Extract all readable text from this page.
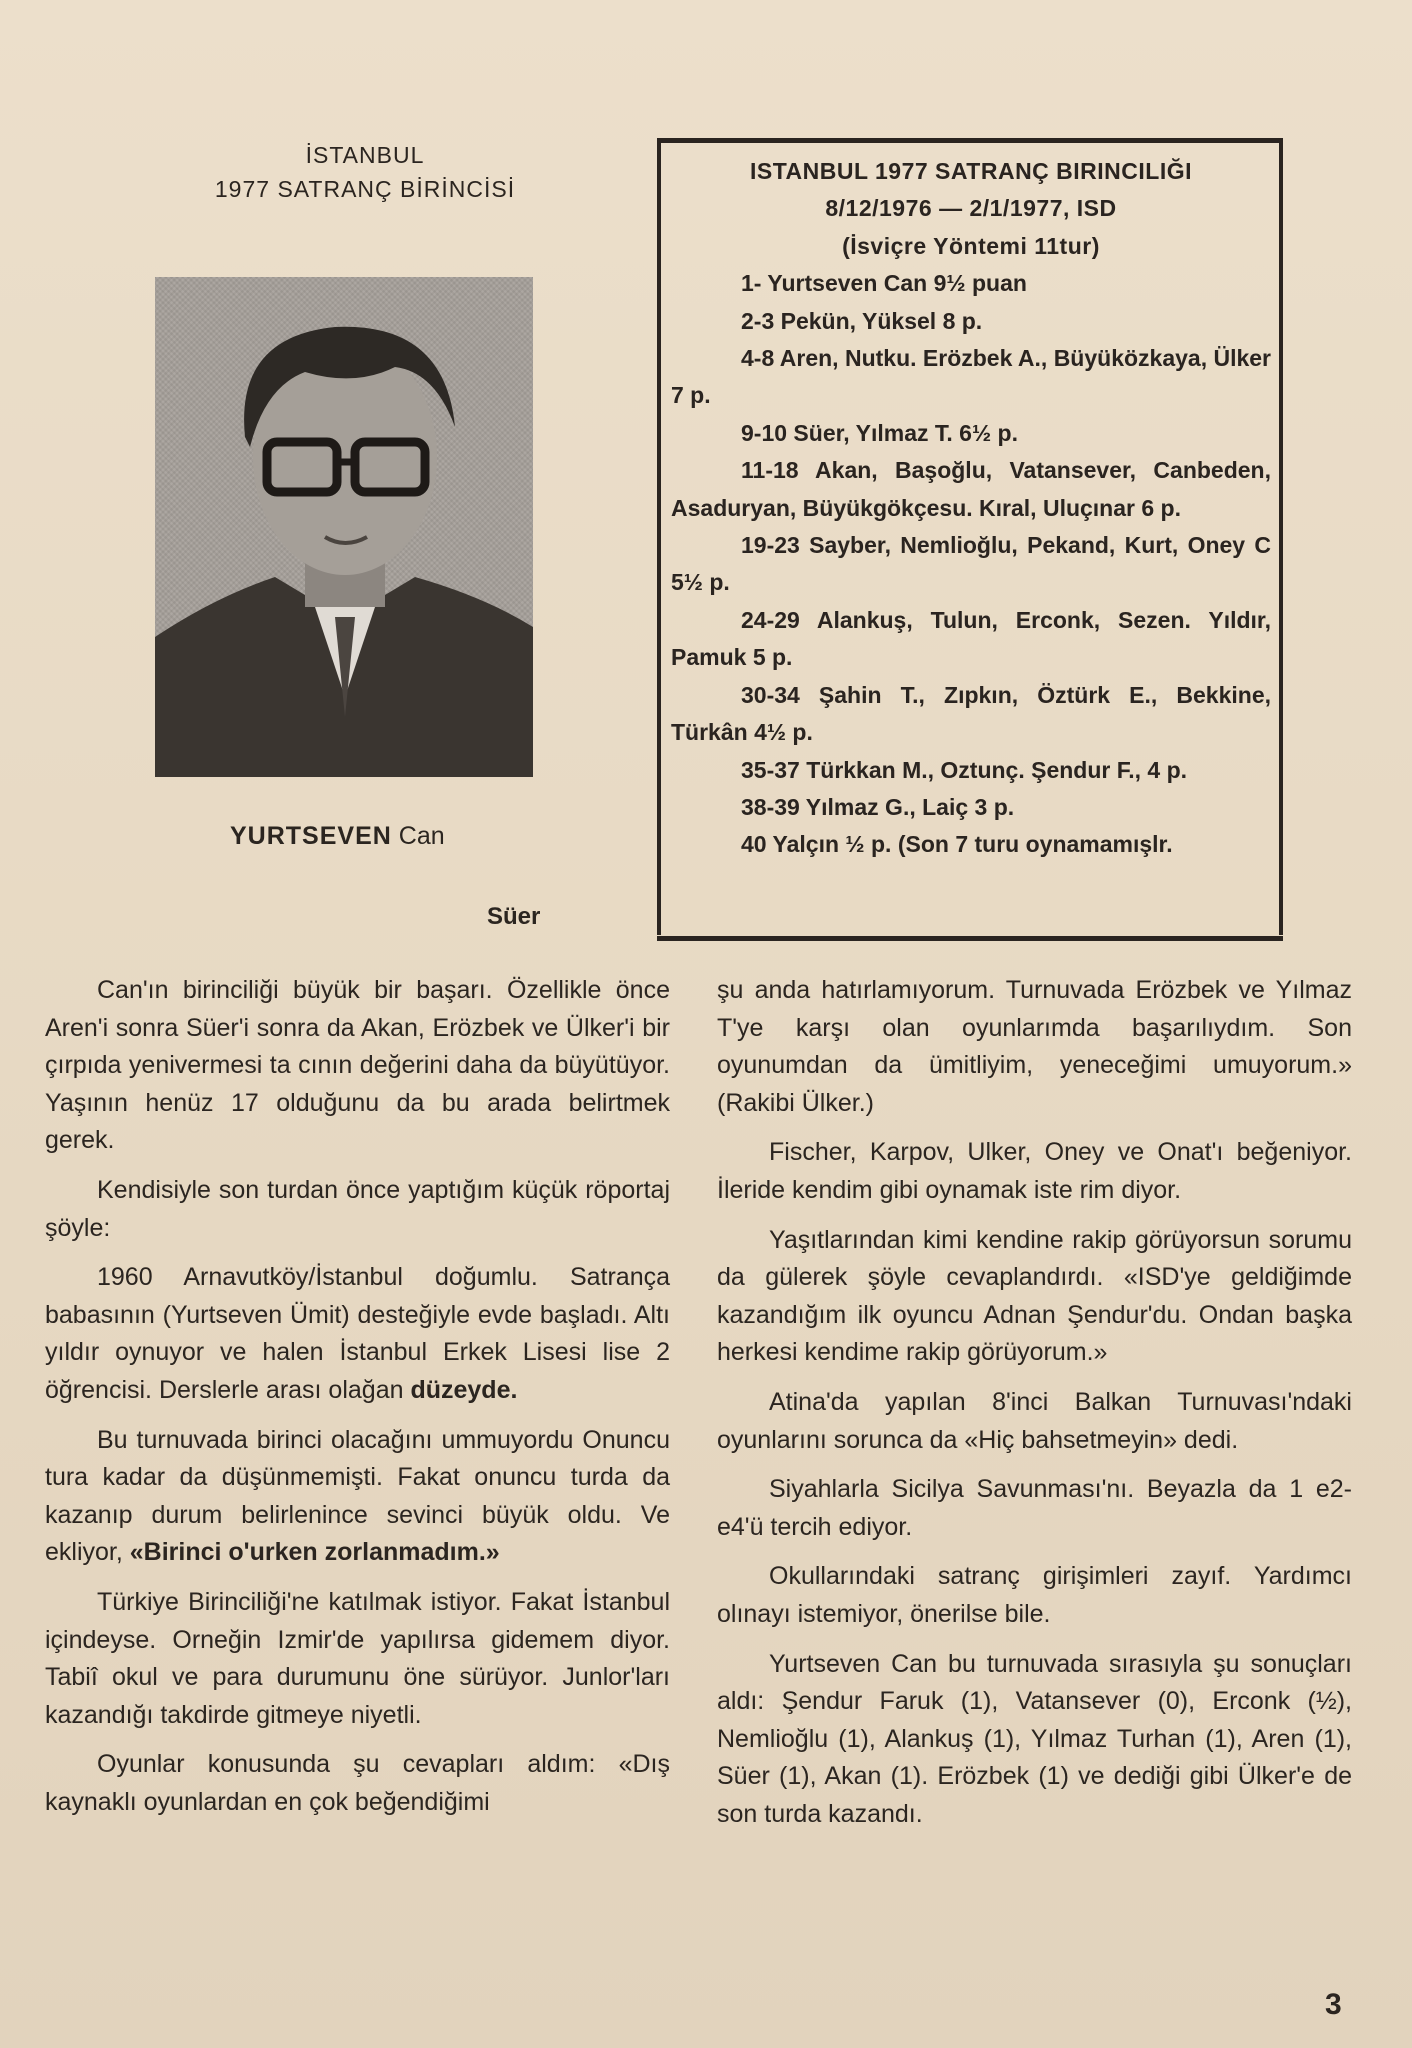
İSTANBUL
1977 SATRANÇ BİRİNCİSİ
YURTSEVEN Can
Süer
ISTANBUL 1977 SATRANÇ BIRINCILIĞI
8/12/1976 — 2/1/1977, ISD
(İsviçre Yöntemi 11tur)
1- Yurtseven Can 9½ puan
2-3 Pekün, Yüksel 8 p.
4-8 Aren, Nutku. Erözbek A., Büyüközkaya, Ülker 7 p.
9-10 Süer, Yılmaz T. 6½ p.
11-18 Akan, Başoğlu, Vatansever, Canbeden, Asaduryan, Büyükgökçesu. Kıral, Uluçınar 6 p.
19-23 Sayber, Nemlioğlu, Pekand, Kurt, Oney C 5½ p.
24-29 Alankuş, Tulun, Erconk, Sezen. Yıldır, Pamuk 5 p.
30-34 Şahin T., Zıpkın, Öztürk E., Bekkine, Türkân 4½ p.
35-37 Türkkan M., Oztunç. Şendur F., 4 p.
38-39 Yılmaz G., Laiç 3 p.
40 Yalçın ½ p. (Son 7 turu oynamamışlr.

Can'ın birinciliği büyük bir başarı. Özellikle önce Aren'i sonra Süer'i sonra da Akan, Erözbek ve Ülker'i bir çırpıda yenivermesi ta cının değerini daha da büyütüyor. Yaşının henüz 17 olduğunu da bu arada belirtmek gerek.

Kendisiyle son turdan önce yaptığım küçük röportaj şöyle:

1960 Arnavutköy/İstanbul doğumlu. Satrança babasının (Yurtseven Ümit) desteğiyle evde başladı. Altı yıldır oynuyor ve halen İstanbul Erkek Lisesi lise 2 öğrencisi. Derslerle arası olağan düzeyde.

Bu turnuvada birinci olacağını ummuyordu Onuncu tura kadar da düşünmemişti. Fakat onuncu turda da kazanıp durum belirlenince sevinci büyük oldu. Ve ekliyor, «Birinci o'urken zorlanmadım.»

Türkiye Birinciliği'ne katılmak istiyor. Fakat İstanbul içindeyse. Orneğin Izmir'de yapılırsa gidemem diyor. Tabiî okul ve para durumunu öne sürüyor. Junlor'ları kazandığı takdirde gitmeye niyetli.

Oyunlar konusunda şu cevapları aldım: «Dış kaynaklı oyunlardan en çok beğendiğimi

şu anda hatırlamıyorum. Turnuvada Erözbek ve Yılmaz T'ye karşı olan oyunlarımda başarılıydım. Son oyunumdan da ümitliyim, yeneceğimi umuyorum.» (Rakibi Ülker.)

Fischer, Karpov, Ulker, Oney ve Onat'ı beğeniyor. İleride kendim gibi oynamak iste rim diyor.

Yaşıtlarından kimi kendine rakip görüyorsun sorumu da gülerek şöyle cevaplandırdı. «ISD'ye geldiğimde kazandığım ilk oyuncu Adnan Şendur'du. Ondan başka herkesi kendime rakip görüyorum.»

Atina'da yapılan 8'inci Balkan Turnuvası'ndaki oyunlarını sorunca da «Hiç bahsetmeyin» dedi.

Siyahlarla Sicilya Savunması'nı. Beyazla da 1 e2-e4'ü tercih ediyor.

Okullarındaki satranç girişimleri zayıf. Yardımcı olınayı istemiyor, önerilse bile.

Yurtseven Can bu turnuvada sırasıyla şu sonuçları aldı: Şendur Faruk (1), Vatansever (0), Erconk (½), Nemlioğlu (1), Alankuş (1), Yılmaz Turhan (1), Aren (1), Süer (1), Akan (1). Erözbek (1) ve dediği gibi Ülker'e de son turda kazandı.

3
